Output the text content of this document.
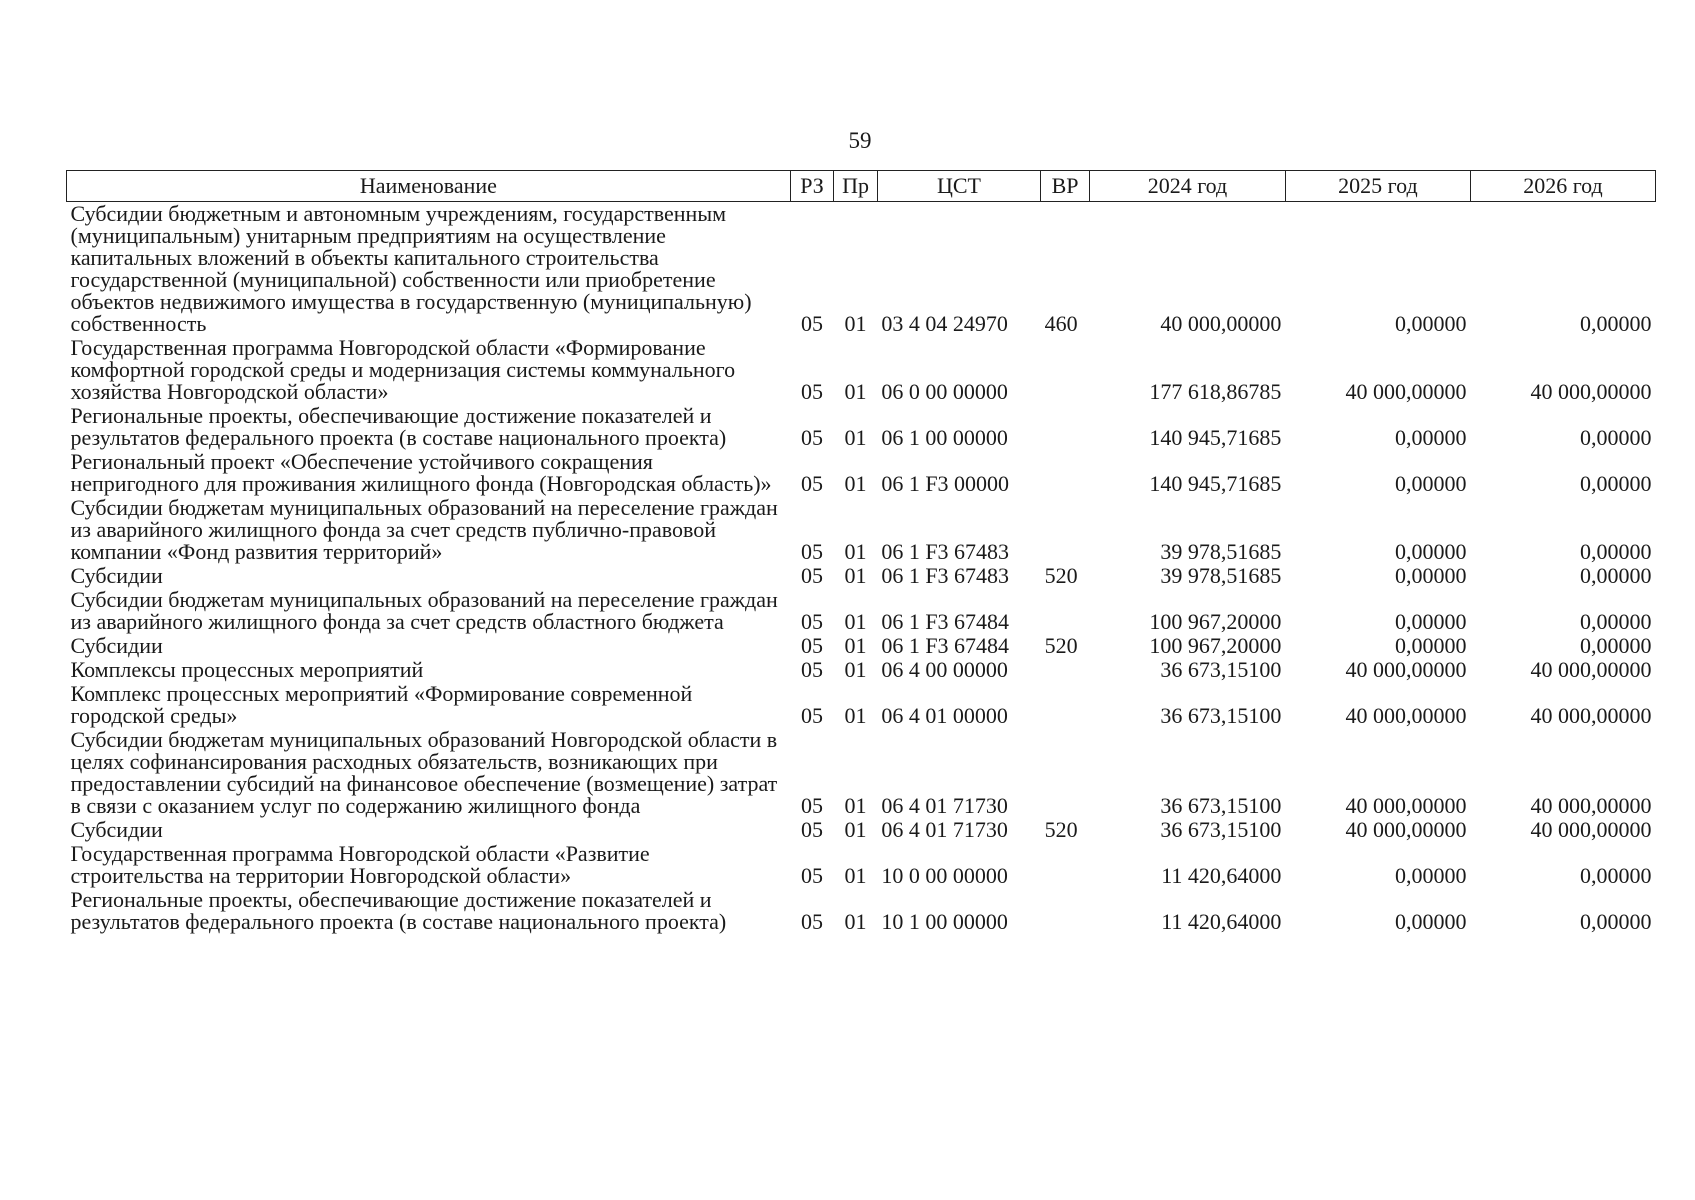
59
Наименование	РЗ	Пр	ЦСТ	ВР	2024 год	2025 год	2026 год
Субсидии бюджетным и автономным учреждениям, государственным (муниципальным) унитарным предприятиям на осуществление капитальных вложений в объекты капитального строительства государственной (муниципальной) собственности или приобретение объектов недвижимого имущества в государственную (муниципальную) собственность	05	01	03 4 04 24970	460	40 000,00000	0,00000	0,00000
Государственная программа Новгородской области «Формирование комфортной городской среды и модернизация системы коммунального хозяйства Новгородской области»	05	01	06 0 00 00000		177 618,86785	40 000,00000	40 000,00000
Региональные проекты, обеспечивающие достижение показателей и результатов федерального проекта (в составе национального проекта)	05	01	06 1 00 00000		140 945,71685	0,00000	0,00000
Региональный проект «Обеспечение устойчивого сокращения непригодного для проживания жилищного фонда (Новгородская область)»	05	01	06 1 F3 00000		140 945,71685	0,00000	0,00000
Субсидии бюджетам муниципальных образований на переселение граждан из аварийного жилищного фонда за счет средств публично-правовой компании «Фонд развития территорий»	05	01	06 1 F3 67483		39 978,51685	0,00000	0,00000
Субсидии	05	01	06 1 F3 67483	520	39 978,51685	0,00000	0,00000
Субсидии бюджетам муниципальных образований на переселение граждан из аварийного жилищного фонда за счет средств областного бюджета	05	01	06 1 F3 67484		100 967,20000	0,00000	0,00000
Субсидии	05	01	06 1 F3 67484	520	100 967,20000	0,00000	0,00000
Комплексы процессных мероприятий	05	01	06 4 00 00000		36 673,15100	40 000,00000	40 000,00000
Комплекс процессных мероприятий «Формирование современной городской среды»	05	01	06 4 01 00000		36 673,15100	40 000,00000	40 000,00000
Субсидии бюджетам муниципальных образований Новгородской области в целях софинансирования расходных обязательств, возникающих при предоставлении субсидий на финансовое обеспечение (возмещение) затрат в связи с оказанием услуг по содержанию жилищного фонда	05	01	06 4 01 71730		36 673,15100	40 000,00000	40 000,00000
Субсидии	05	01	06 4 01 71730	520	36 673,15100	40 000,00000	40 000,00000
Государственная программа Новгородской области «Развитие строительства на территории Новгородской области»	05	01	10 0 00 00000		11 420,64000	0,00000	0,00000
Региональные проекты, обеспечивающие достижение показателей и результатов федерального проекта (в составе национального проекта)	05	01	10 1 00 00000		11 420,64000	0,00000	0,00000
